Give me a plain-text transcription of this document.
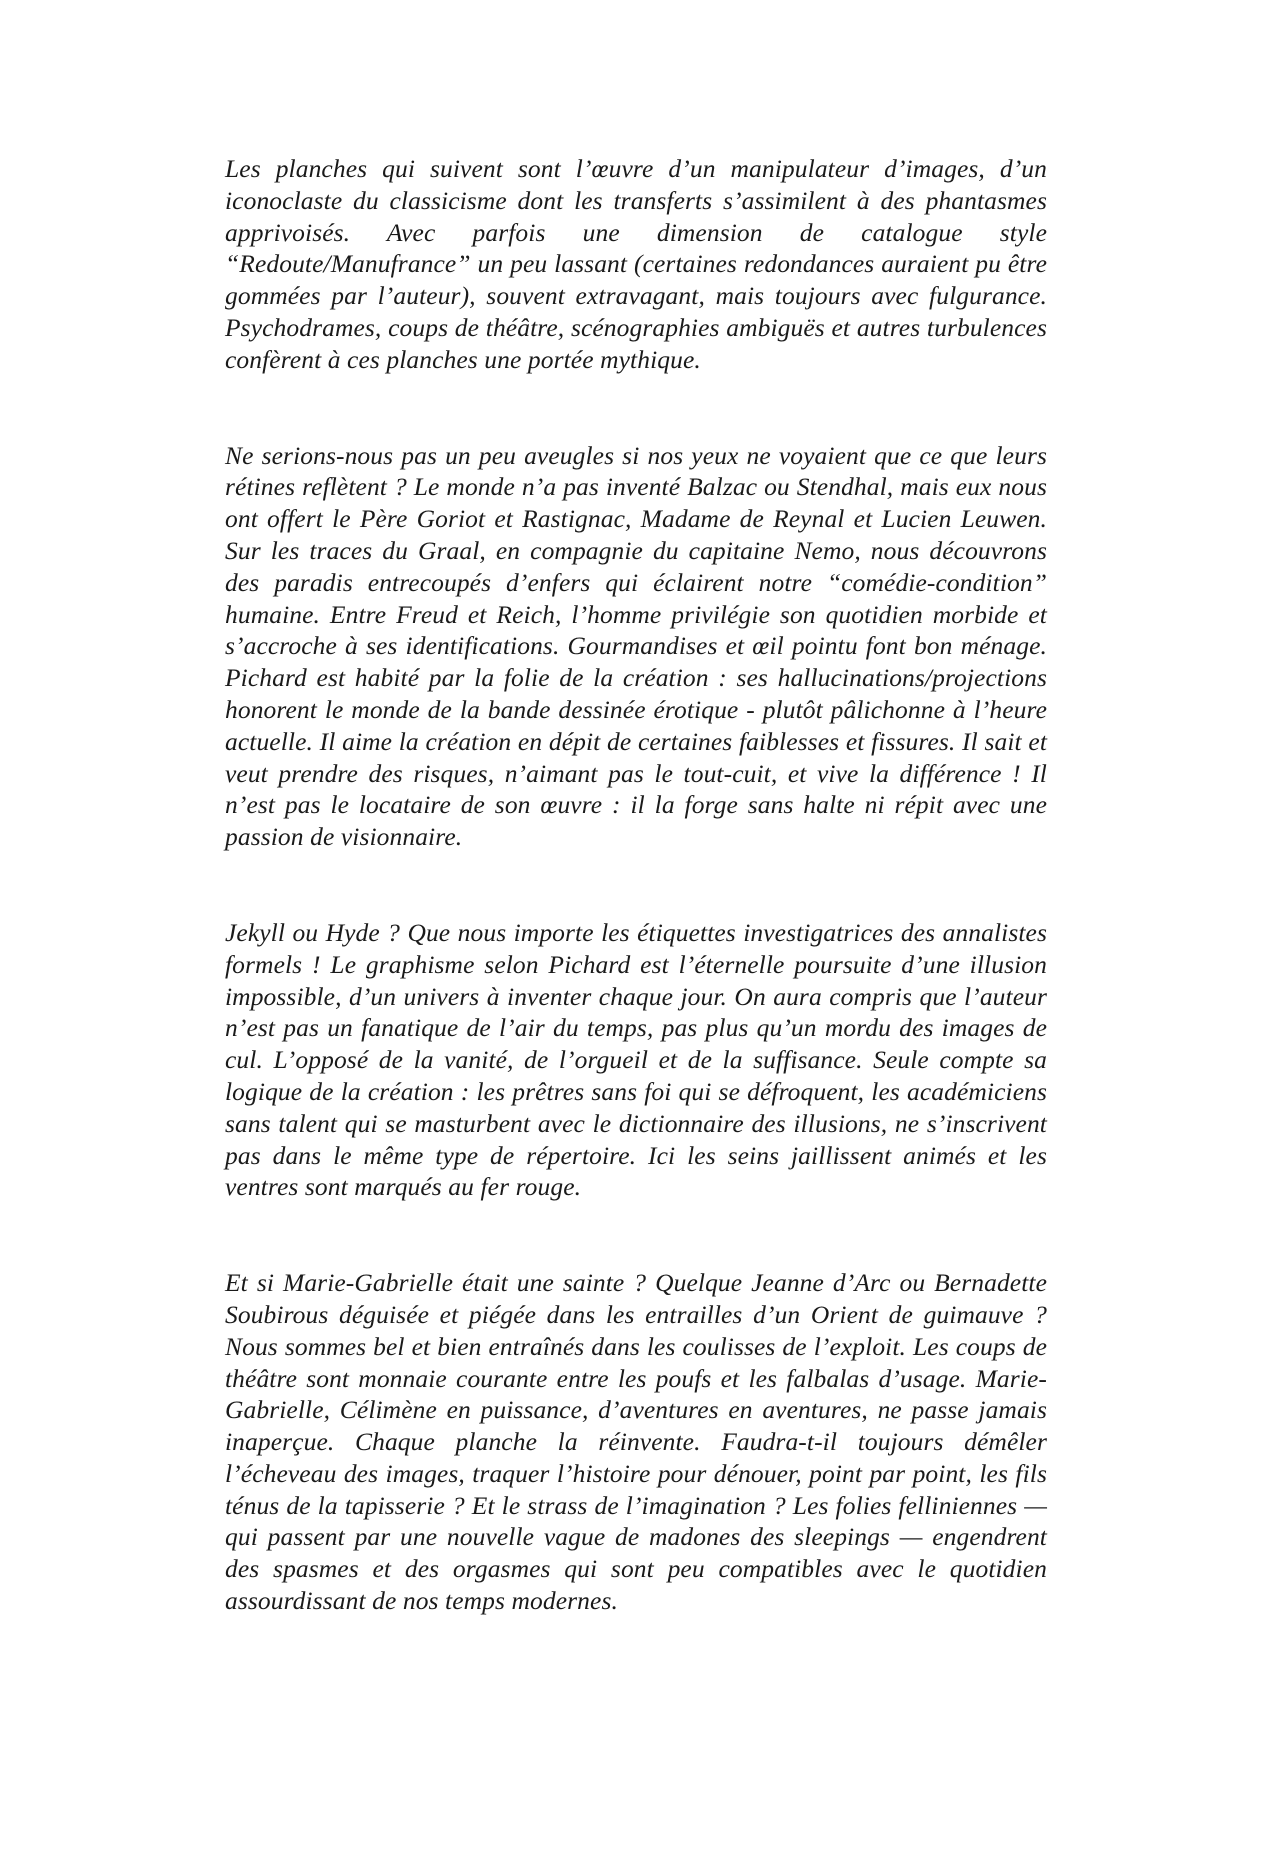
Les planches qui suivent sont l’œuvre d’un manipulateur d’images, d’un iconoclaste du classicisme dont les transferts s’assimilent à des phantasmes apprivoisés. Avec parfois une dimension de catalogue style “Redoute/Manufrance” un peu lassant (certaines redondances auraient pu être gommées par l’auteur), souvent extravagant, mais toujours avec fulgurance. Psychodrames, coups de théâtre, scénographies ambiguës et autres turbulences confèrent à ces planches une portée mythique.

Ne serions-nous pas un peu aveugles si nos yeux ne voyaient que ce que leurs rétines reflètent ? Le monde n’a pas inventé Balzac ou Stendhal, mais eux nous ont offert le Père Goriot et Rastignac, Madame de Reynal et Lucien Leuwen. Sur les traces du Graal, en compagnie du capitaine Nemo, nous découvrons des paradis entrecoupés d’enfers qui éclairent notre “comédie-condition” humaine. Entre Freud et Reich, l’homme privilégie son quotidien morbide et s’accroche à ses identifications. Gourmandises et œil pointu font bon ménage. Pichard est habité par la folie de la création : ses hallucinations/projections honorent le monde de la bande dessinée érotique - plutôt pâlichonne à l’heure actuelle. Il aime la création en dépit de certaines faiblesses et fissures. Il sait et veut prendre des risques, n’aimant pas le tout-cuit, et vive la différence ! Il n’est pas le locataire de son œuvre : il la forge sans halte ni répit avec une passion de visionnaire.

Jekyll ou Hyde ? Que nous importe les étiquettes investigatrices des annalistes formels ! Le graphisme selon Pichard est l’éternelle poursuite d’une illusion impossible, d’un univers à inventer chaque jour. On aura compris que l’auteur n’est pas un fanatique de l’air du temps, pas plus qu’un mordu des images de cul. L’opposé de la vanité, de l’orgueil et de la suffisance. Seule compte sa logique de la création : les prêtres sans foi qui se défroquent, les académiciens sans talent qui se masturbent avec le dictionnaire des illusions, ne s’inscrivent pas dans le même type de répertoire. Ici les seins jaillissent animés et les ventres sont marqués au fer rouge.

Et si Marie-Gabrielle était une sainte ? Quelque Jeanne d’Arc ou Bernadette Soubirous déguisée et piégée dans les entrailles d’un Orient de guimauve ? Nous sommes bel et bien entraînés dans les coulisses de l’exploit. Les coups de théâtre sont monnaie courante entre les poufs et les falbalas d’usage. Marie-Gabrielle, Célimène en puissance, d’aventures en aventures, ne passe jamais inaperçue. Chaque planche la réinvente. Faudra-t-il toujours démêler l’écheveau des images, traquer l’histoire pour dénouer, point par point, les fils ténus de la tapisserie ? Et le strass de l’imagination ? Les folies felliniennes — qui passent par une nouvelle vague de madones des sleepings — engendrent des spasmes et des orgasmes qui sont peu compatibles avec le quotidien assourdissant de nos temps modernes.
